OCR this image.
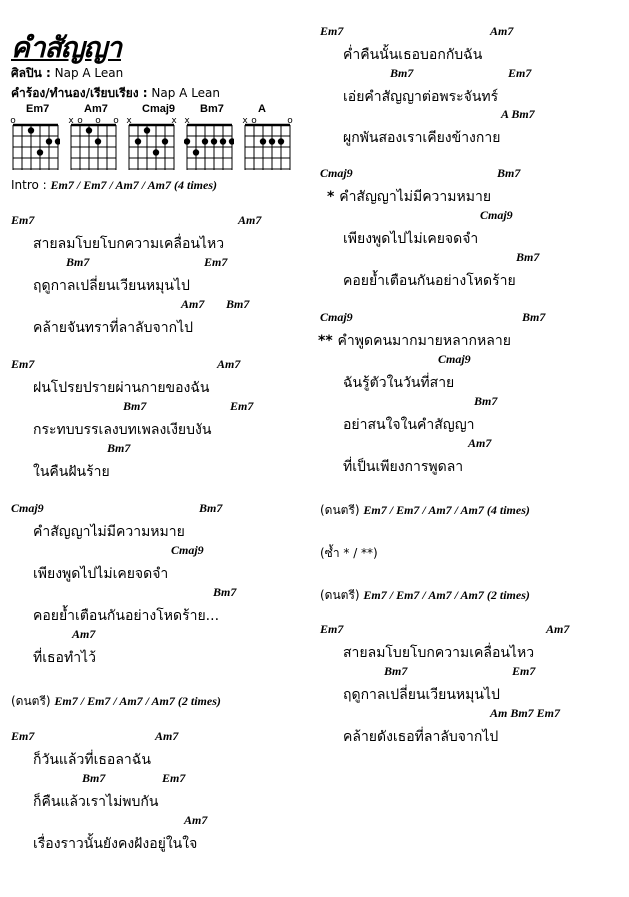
คำสัญญา
ศิลปิน : Nap A Lean
คำร้อง/ทำนอง/เรียบเรียง : Nap A Lean
Em7
o
Am7
x o o o
Cmaj9
x	x
Bm7
x
A
x o	o
Intro : Em7 / Em7 / Am7 / Am7 (4 times)
Em7	Am7
สายลมโบยโบกความเคลื่อนไหว
Bm7	Em7
ฤดูกาลเปลี่ยนเวียนหมุนไป
Am7 Bm7
คล้ายจันทราที่ลาลับจากไป
Em7	Am7
ฝนโปรยปรายผ่านกายของฉัน
Bm7	Em7
กระทบบรรเลงบทเพลงเงียบงัน
Bm7
ในคืนฝันร้าย
Cmaj9	Bm7
คำสัญญาไม่มีความหมาย
Cmaj9
เพียงพูดไปไม่เคยจดจำ
Bm7
คอยย้ำเตือนกันอย่างโหดร้าย...
Am7
ที่เธอทำไว้
(ดนตรี) Em7 / Em7 / Am7 / Am7 (2 times)
Em7	Am7
ก็วันแล้วที่เธอลาฉัน
Bm7	Em7
ก็คืนแล้วเราไม่พบกัน
Am7
เรื่องราวนั้นยังคงฝังอยู่ในใจ
Em7	Am7
ค่ำคืนนั้นเธอบอกกับฉัน
Bm7	Em7
เอ่ยคำสัญญาต่อพระจันทร์
A Bm7
ผูกพันสองเราเคียงข้างกาย
Cmaj9	Bm7
* คำสัญญาไม่มีความหมาย
Cmaj9
เพียงพูดไปไม่เคยจดจำ
Bm7
คอยย้ำเตือนกันอย่างโหดร้าย
Cmaj9	Bm7
** คำพูดคนมากมายหลากหลาย
Cmaj9
ฉันรู้ตัวในวันที่สาย
Bm7
อย่าสนใจในคำสัญญา
Am7
ที่เป็นเพียงการพูดลา
(ดนตรี) Em7 / Em7 / Am7 / Am7 (4 times)
(ซ้ำ * / **)
(ดนตรี) Em7 / Em7 / Am7 / Am7 (2 times)
Em7	Am7
สายลมโบยโบกความเคลื่อนไหว
Bm7	Em7
ฤดูกาลเปลี่ยนเวียนหมุนไป
Am Bm7 Em7
คล้ายดังเธอที่ลาลับจากไป
